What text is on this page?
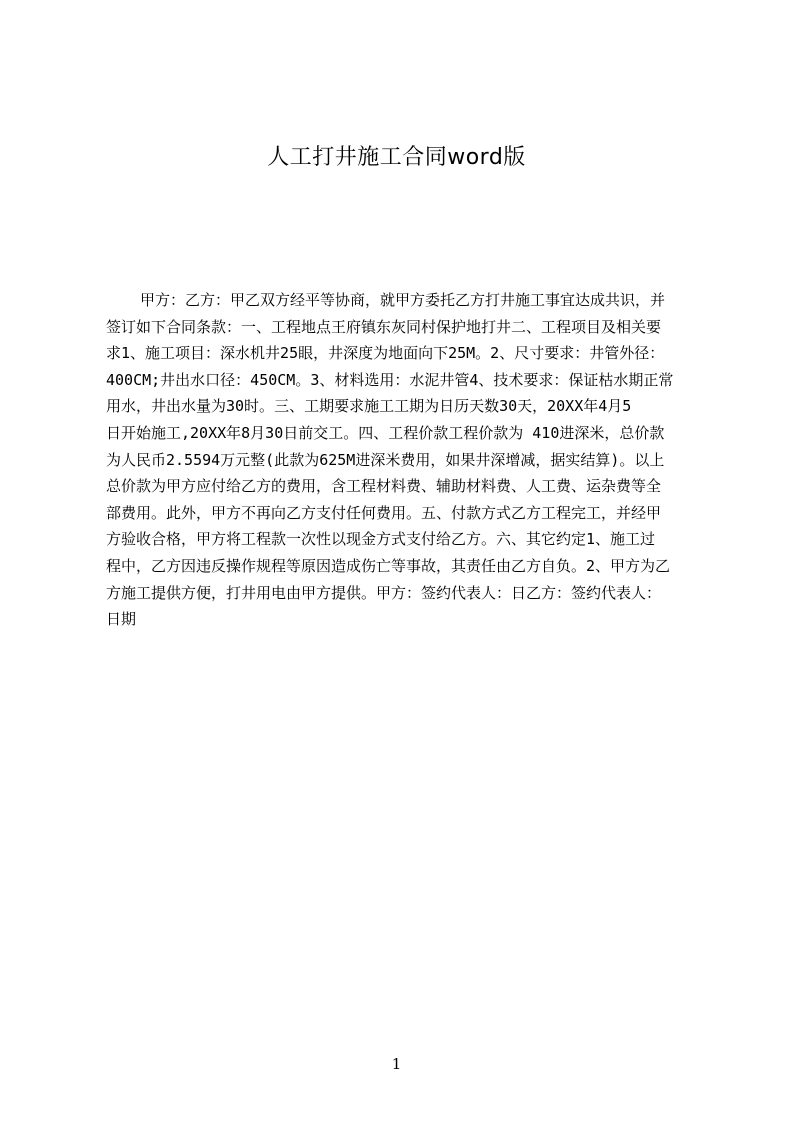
人工打井施工合同word版
甲方：乙方：甲乙双方经平等协商，就甲方委托乙方打井施工事宜达成共识，并
签订如下合同条款：一、工程地点王府镇东灰同村保护地打井二、工程项目及相关要
求1、施工项目：深水机井25眼，井深度为地面向下25M。2、尺寸要求：井管外径：
400CM;井出水口径：450CM。3、材料选用：水泥井管4、技术要求：保证枯水期正常
用水，井出水量为30时。三、工期要求施工工期为日历天数30天，20XX年4月5
日开始施工,20XX年8月30日前交工。四、工程价款工程价款为 410进深米，总价款
为人民币2.5594万元整(此款为625M进深米费用，如果井深增减，据实结算)。以上
总价款为甲方应付给乙方的费用，含工程材料费、辅助材料费、人工费、运杂费等全
部费用。此外，甲方不再向乙方支付任何费用。五、付款方式乙方工程完工，并经甲
方验收合格，甲方将工程款一次性以现金方式支付给乙方。六、其它约定1、施工过
程中，乙方因违反操作规程等原因造成伤亡等事故，其责任由乙方自负。2、甲方为乙
方施工提供方便，打井用电由甲方提供。甲方：签约代表人：日乙方：签约代表人：
日期
1
